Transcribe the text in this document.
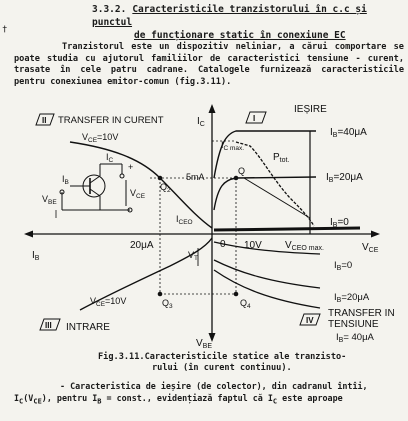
†
3.3.2. Caracteristicile tranzistorului în c.c și punctul
de funcționare static în conexiune EC
Tranzistorul este un dispozitiv neliniar, a cărui comportare se poate studia cu ajutorul familiilor de caracteristici tensiune - curent, trasate în cele patru cadrane. Catalogele furnizează caracteristicile pentru conexiunea emitor-comun (fig.3.11).
$I_C$
$V_{CE}$
$I_B$
$V_{BE}$
0
II TRANSFER IN CURENT	I
IEȘIRE
III INTRARE
IV
TRANSFER IN
TENSIUNE
$I_{C max.}$
5mA
Q
$P_{tot.}$
$I_B=40\mu A$
$I_B=20\mu A$
$I_B=0$
$I_{CEO}$
10V $V_{CEO max.}$
$V_{CE}=10V$
$Q_2$
20μA
$I_B$
$I_C$
$V_{CE}$
$V_{BE}$
+
$V_{CE}=10V$	$Q_3$
$V_T$
$Q_4$
$I_B=0$
$I_B=20\mu A$
$I_B= 40\mu A$
Fig.3.11.Caracteristicile statice ale tranzisto-
rului (în curent continuu).
- Caracteristica de ieșire (de colector), din cadranul întîi,
$I_C(V_{CE})$, pentru $I_B$ = const., evidențiază faptul că $I_C$ este aproape
